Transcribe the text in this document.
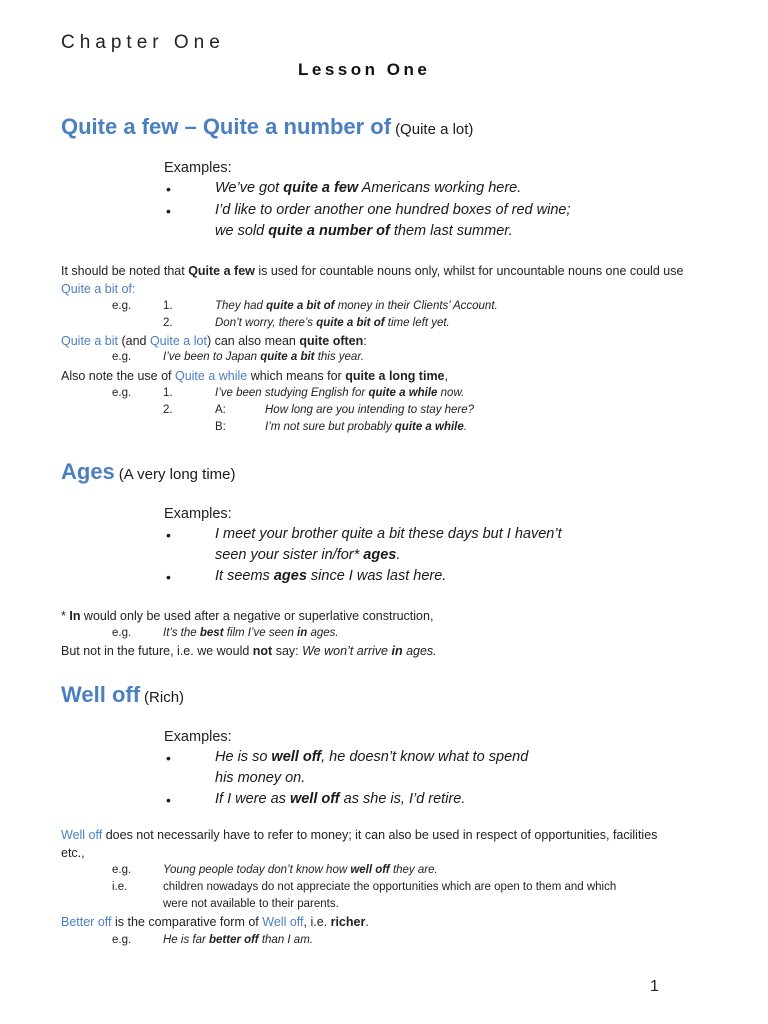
Chapter One
Lesson One
Quite a few – Quite a number of (Quite a lot)
Examples:
•	We’ve got quite a few Americans working here.
•	I’d like to order another one hundred boxes of red wine;
we sold quite a number of them last summer.
It should be noted that Quite a few is used for countable nouns only, whilst for uncountable nouns one could use
Quite a bit of:
e.g.	1.	They had quite a bit of money in their Clients’ Account.
2.	Don’t worry, there’s quite a bit of time left yet.
Quite a bit (and Quite a lot) can also mean quite often:
e.g.	I’ve been to Japan quite a bit this year.
Also note the use of Quite a while which means for quite a long time,
e.g.	1.	I’ve been studying English for quite a while now.
2.	A:	How long are you intending to stay here?
B:	I’m not sure but probably quite a while.
Ages (A very long time)
Examples:
•	I meet your brother quite a bit these days but I haven’t
seen your sister in/for* ages.
•	It seems ages since I was last here.
* In would only be used after a negative or superlative construction,
e.g.	It’s the best film I’ve seen in ages.
But not in the future, i.e. we would not say: We won’t arrive in ages.
Well off (Rich)
Examples:
•	He is so well off, he doesn’t know what to spend
his money on.
•	If I were as well off as she is, I’d retire.
Well off does not necessarily have to refer to money; it can also be used in respect of opportunities, facilities
etc.,
e.g.	Young people today don’t know how well off they are.
i.e.	children nowadays do not appreciate the opportunities which are open to them and which
were not available to their parents.
Better off is the comparative form of Well off, i.e. richer.
e.g.	He is far better off than I am.
1
